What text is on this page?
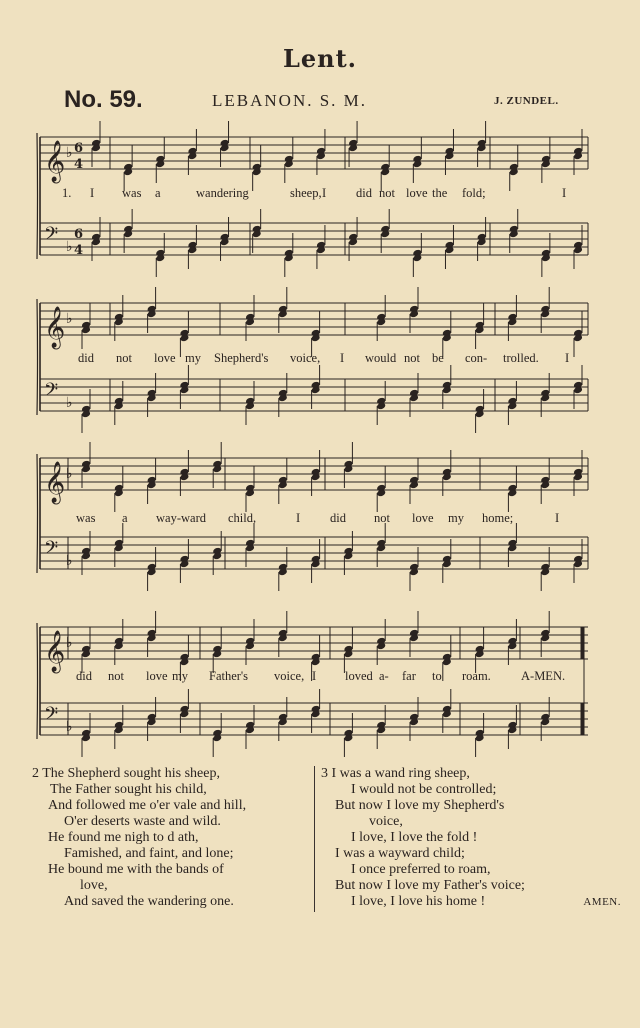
Lent.
No. 59.	LEBANON. S. M.	J. ZUNDEL.
𝄞 ♭ 6
4
𝄢 ♭
6
4
1. I was a	wandering	sheep, I did not love the fold;	I
𝄞 ♭
𝄢 ♭
did not love my Shepherd's voice, I would not be con- trolled. I
𝄞 ♭
𝄢 ♭
was a way-ward child,	I did not love my home;	I
𝄞 ♭
𝄢 ♭
did not love my Father's voice, I loved a- far to roam. A-MEN.
2 The Shepherd sought his sheep,
The Father sought his child,
And followed me o'er vale and hill,
O'er deserts waste and wild.
He found me nigh to d ath,
Famished, and faint, and lone;
He bound me with the bands of
love,
And saved the wandering one.
3 I was a wand ring sheep,
I would not be controlled;
But now I love my Shepherd's
voice,
I love, I love the fold !
I was a wayward child;
I once preferred to roam,
But now I love my Father's voice;
I love, I love his home !	AMEN.
